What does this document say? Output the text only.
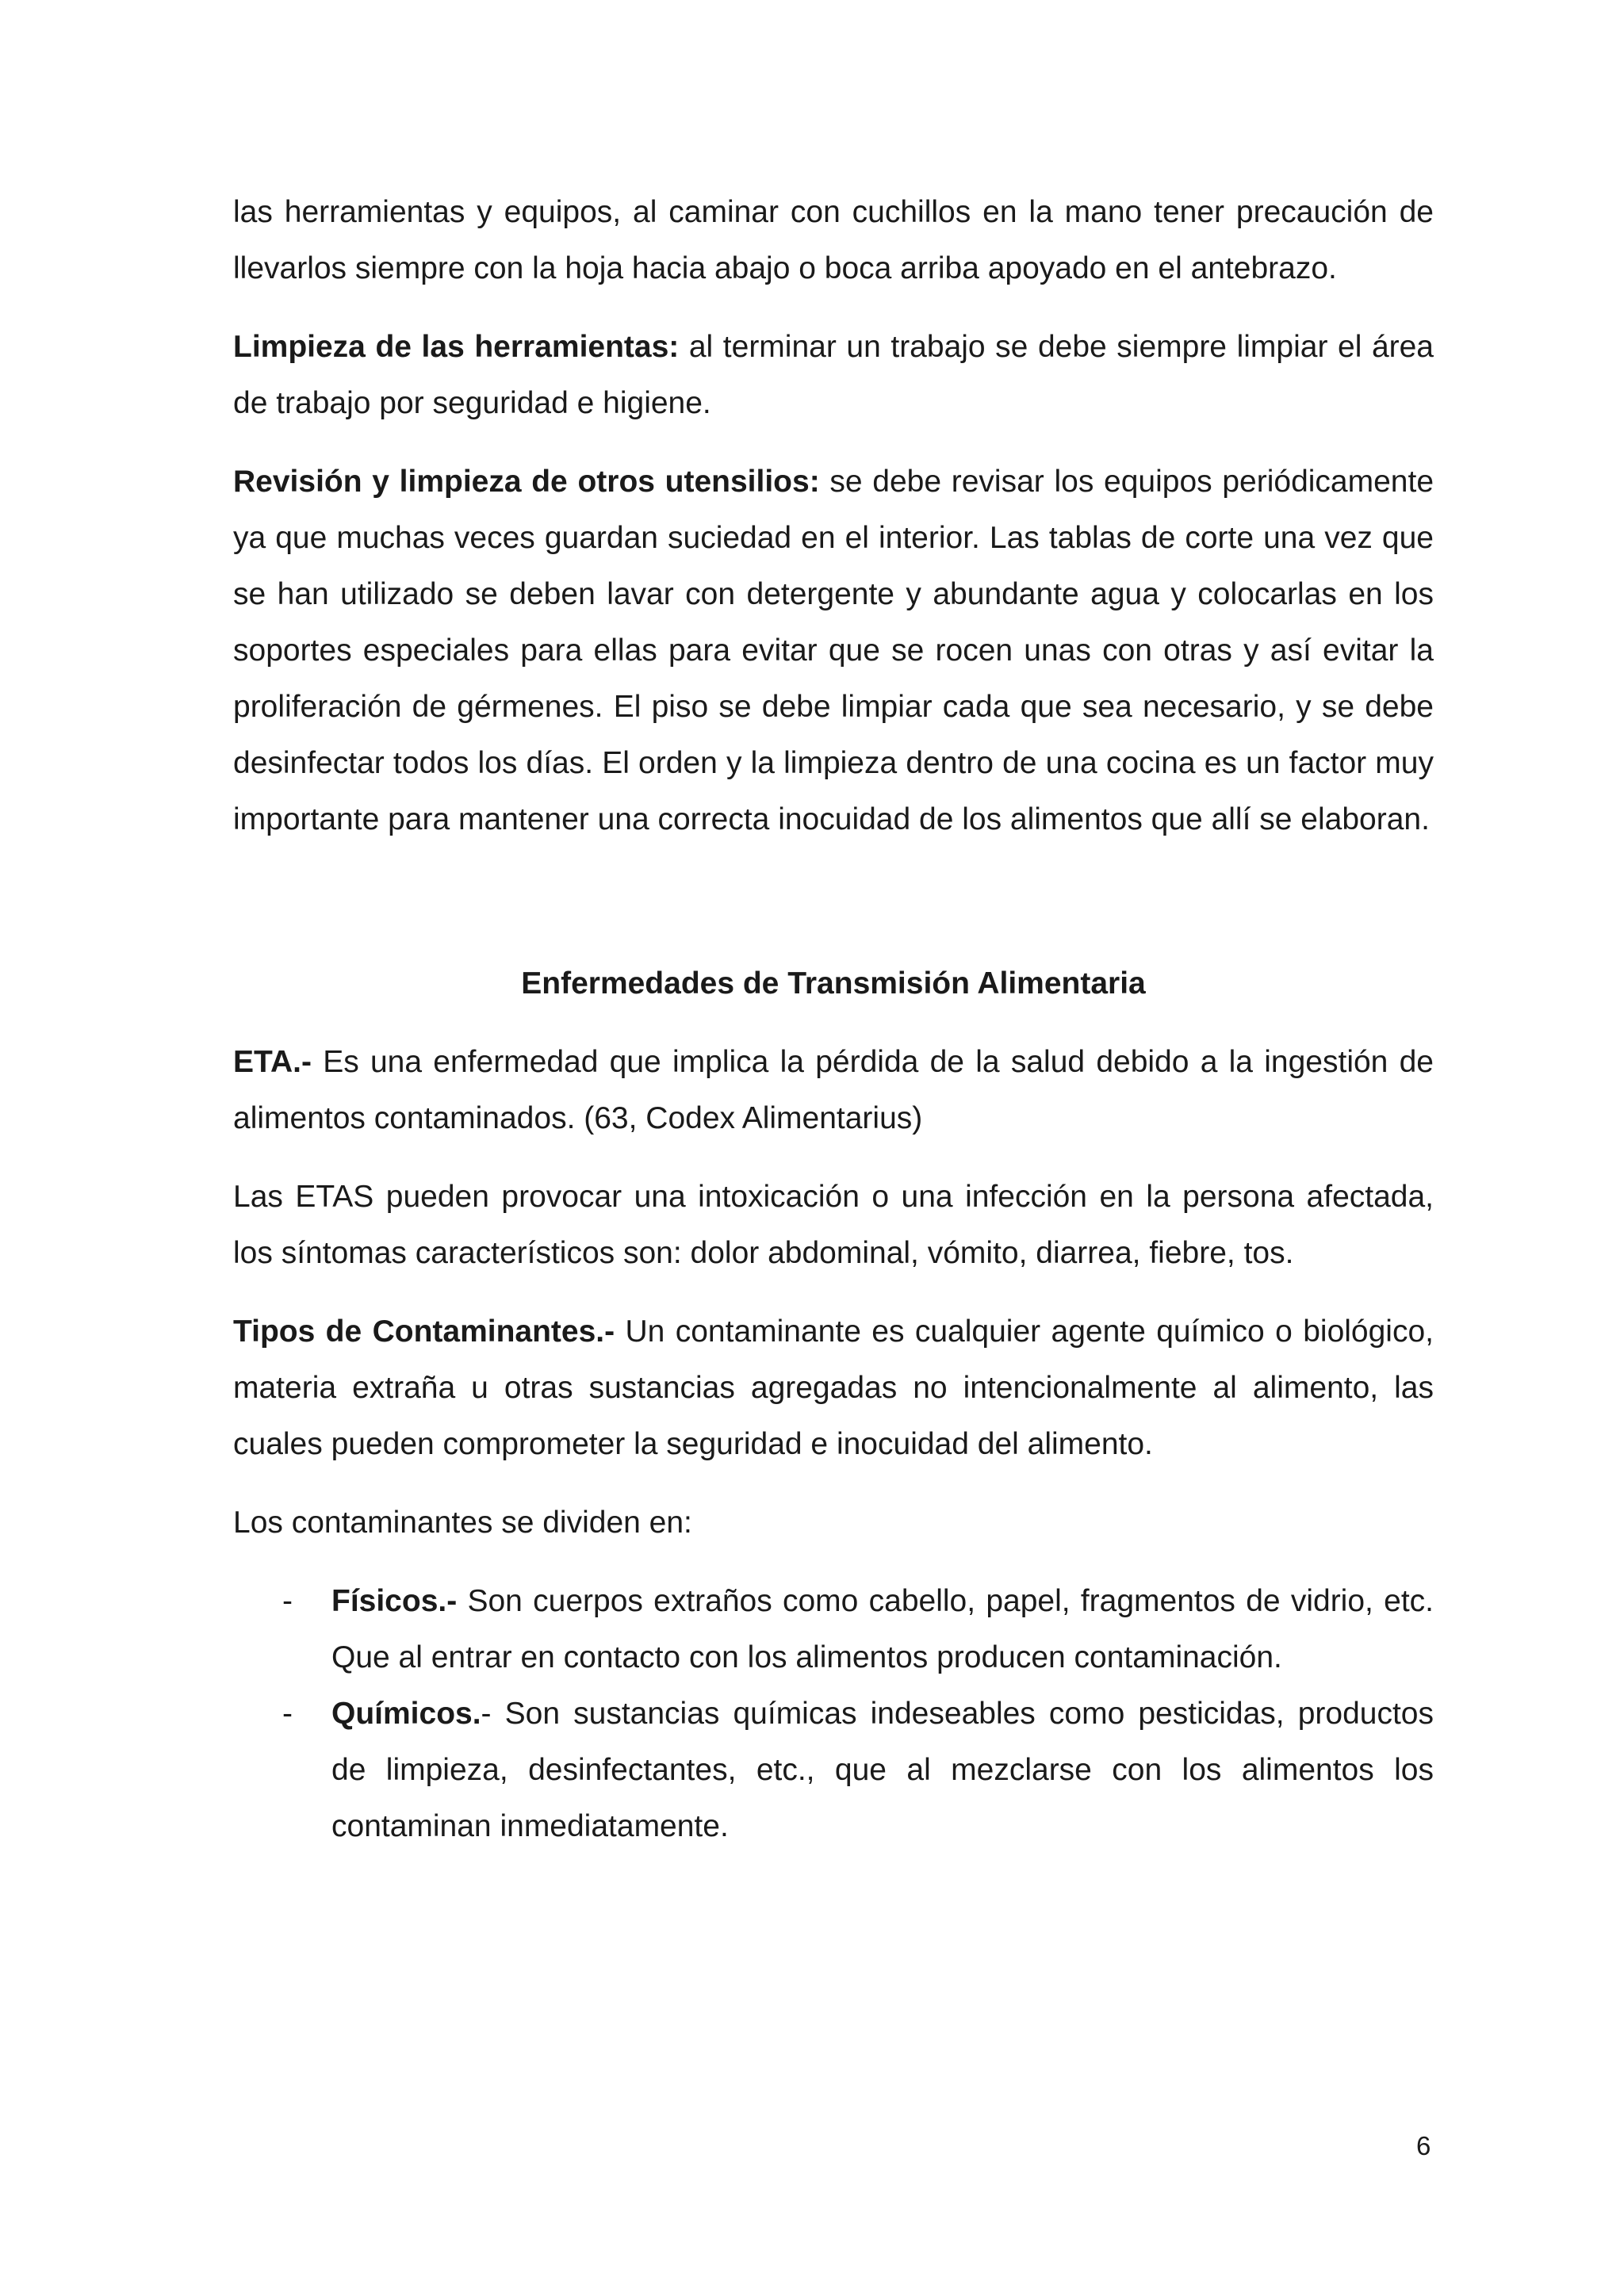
las herramientas y equipos, al caminar con cuchillos en la mano tener precaución de llevarlos siempre con la hoja hacia abajo o boca arriba apoyado en el antebrazo.

Limpieza de las herramientas: al terminar un trabajo se debe siempre limpiar el área de trabajo por seguridad e higiene.

Revisión y limpieza de otros utensilios: se debe revisar los equipos periódicamente ya que muchas veces guardan suciedad en el interior. Las tablas de corte una vez que se han utilizado se deben lavar con detergente y abundante agua y colocarlas en los soportes especiales para ellas para evitar que se rocen unas con otras y así evitar la proliferación de gérmenes. El piso se debe limpiar cada que sea necesario, y se debe desinfectar todos los días. El orden y la limpieza dentro de una cocina es un factor muy importante para mantener una correcta inocuidad de los alimentos que allí se elaboran.

Enfermedades de Transmisión Alimentaria

ETA.- Es una enfermedad que implica la pérdida de la salud debido a la ingestión de alimentos contaminados. (63, Codex Alimentarius)

Las ETAS pueden provocar una intoxicación o una infección en la persona afectada, los síntomas característicos son: dolor abdominal, vómito, diarrea, fiebre, tos.

Tipos de Contaminantes.- Un contaminante es cualquier agente químico o biológico, materia extraña u otras sustancias agregadas no intencionalmente al alimento, las cuales pueden comprometer la seguridad e inocuidad del alimento.

Los contaminantes se dividen en:

- Físicos.- Son cuerpos extraños como cabello, papel, fragmentos de vidrio, etc. Que al entrar en contacto con los alimentos producen contaminación.
- Químicos.- Son sustancias químicas indeseables como pesticidas, productos de limpieza, desinfectantes, etc., que al mezclarse con los alimentos los contaminan inmediatamente.
6
